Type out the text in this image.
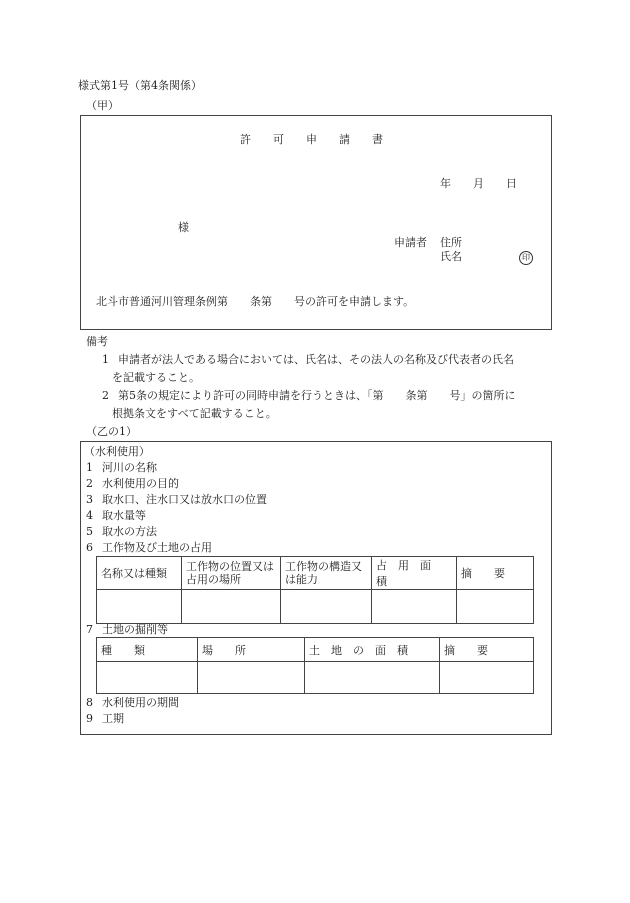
様式第1号（第4条関係）
（甲）
許　　可　　申　　請　　書
年　　月　　日
様
申請者 住所
氏名	印
北斗市普通河川管理条例第　　条第　　号の許可を申請します。
備考
1 申請者が法人である場合においては、氏名は、その法人の名称及び代表者の氏名
を記載すること。
2 第5条の規定により許可の同時申請を行うときは、「第　　条第　　号」の箇所に
根拠条文をすべて記載すること。
（乙の1）
（水利使用）
1 河川の名称
2 水利使用の目的
3 取水口、注水口又は放水口の位置
4 取水量等
5 取水の方法
6 工作物及び土地の占用
名称又は種類	工作物の位置又は占用の場所	工作物の構造又は能力	占　用　面　積	摘　　要

7 土地の掘削等
種　　類	場　　所	土　地　の　面　積	摘　　要

8 水利使用の期間
9 工期
